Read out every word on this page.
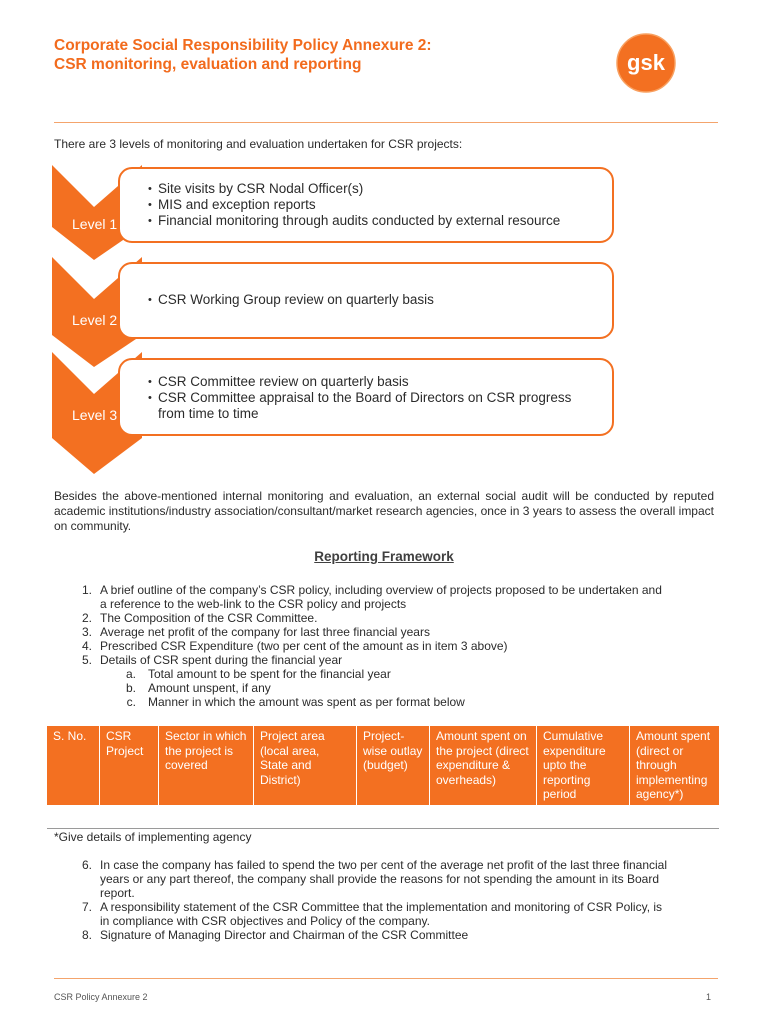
Corporate Social Responsibility Policy Annexure 2:
CSR monitoring, evaluation and reporting	gsk
There are 3 levels of monitoring and evaluation undertaken for CSR projects:
Level 1
• Site visits by CSR Nodal Officer(s)
• MIS and exception reports
• Financial monitoring through audits conducted by external resource
Level 2
• CSR Working Group review on quarterly basis
Level 3
• CSR Committee review on quarterly basis
• CSR Committee appraisal to the Board of Directors on CSR progress from time to time
Besides the above-mentioned internal monitoring and evaluation, an external social audit will be conducted by reputed academic institutions/industry association/consultant/market research agencies, once in 3 years to assess the overall impact on community.
Reporting Framework
1. A brief outline of the company’s CSR policy, including overview of projects proposed to be undertaken and
a reference to the web-link to the CSR policy and projects
2. The Composition of the CSR Committee.
3. Average net profit of the company for last three financial years
4. Prescribed CSR Expenditure (two per cent of the amount as in item 3 above)
5. Details of CSR spent during the financial year
a. Total amount to be spent for the financial year
b. Amount unspent, if any
c. Manner in which the amount was spent as per format below
S. No.	CSR Project	Sector in which the project is covered	Project area (local area, State and District)	Project-wise outlay (budget)	Amount spent on the project (direct expenditure & overheads)	Cumulative expenditure upto the reporting period	Amount spent (direct or through implementing agency*)
*Give details of implementing agency
6. In case the company has failed to spend the two per cent of the average net profit of the last three financial
years or any part thereof, the company shall provide the reasons for not spending the amount in its Board
report.
7. A responsibility statement of the CSR Committee that the implementation and monitoring of CSR Policy, is
in compliance with CSR objectives and Policy of the company.
8. Signature of Managing Director and Chairman of the CSR Committee
CSR Policy Annexure 2	1
